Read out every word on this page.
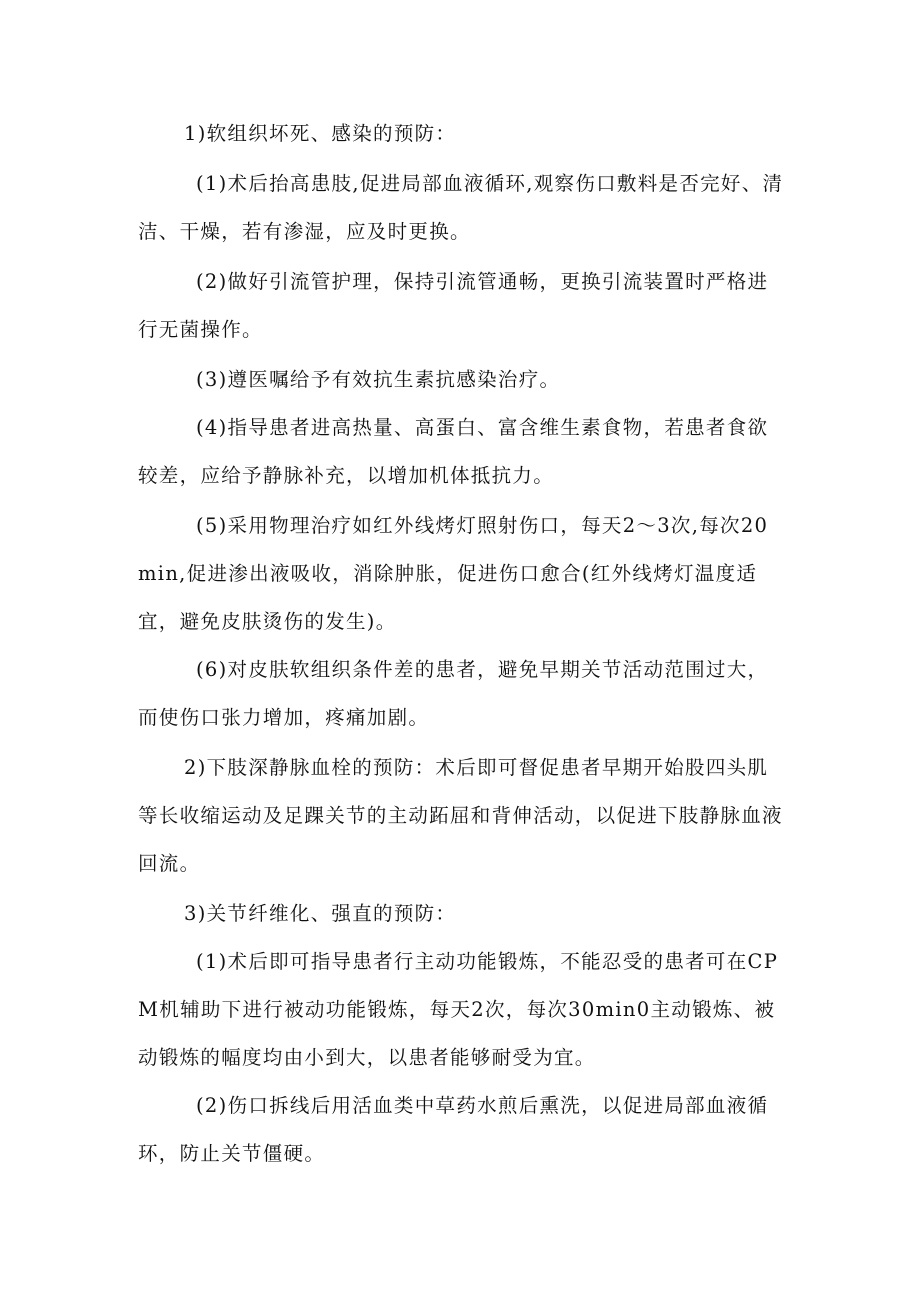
1)软组织坏死、感染的预防：

(1)术后抬高患肢,促进局部血液循环,观察伤口敷料是否完好、清洁、干燥，若有渗湿，应及时更换。

(2)做好引流管护理，保持引流管通畅，更换引流装置时严格进行无菌操作。

(3)遵医嘱给予有效抗生素抗感染治疗。

(4)指导患者进高热量、高蛋白、富含维生素食物，若患者食欲较差，应给予静脉补充，以增加机体抵抗力。

(5)采用物理治疗如红外线烤灯照射伤口，每天2～3次,每次20min,促进渗出液吸收，消除肿胀，促进伤口愈合(红外线烤灯温度适宜，避免皮肤烫伤的发生)。

(6)对皮肤软组织条件差的患者，避免早期关节活动范围过大，而使伤口张力增加，疼痛加剧。

2)下肢深静脉血栓的预防：术后即可督促患者早期开始股四头肌等长收缩运动及足踝关节的主动跖屈和背伸活动，以促进下肢静脉血液回流。

3)关节纤维化、强直的预防：

(1)术后即可指导患者行主动功能锻炼，不能忍受的患者可在CPM机辅助下进行被动功能锻炼，每天2次，每次30min0主动锻炼、被动锻炼的幅度均由小到大，以患者能够耐受为宜。

(2)伤口拆线后用活血类中草药水煎后熏洗，以促进局部血液循环，防止关节僵硬。
